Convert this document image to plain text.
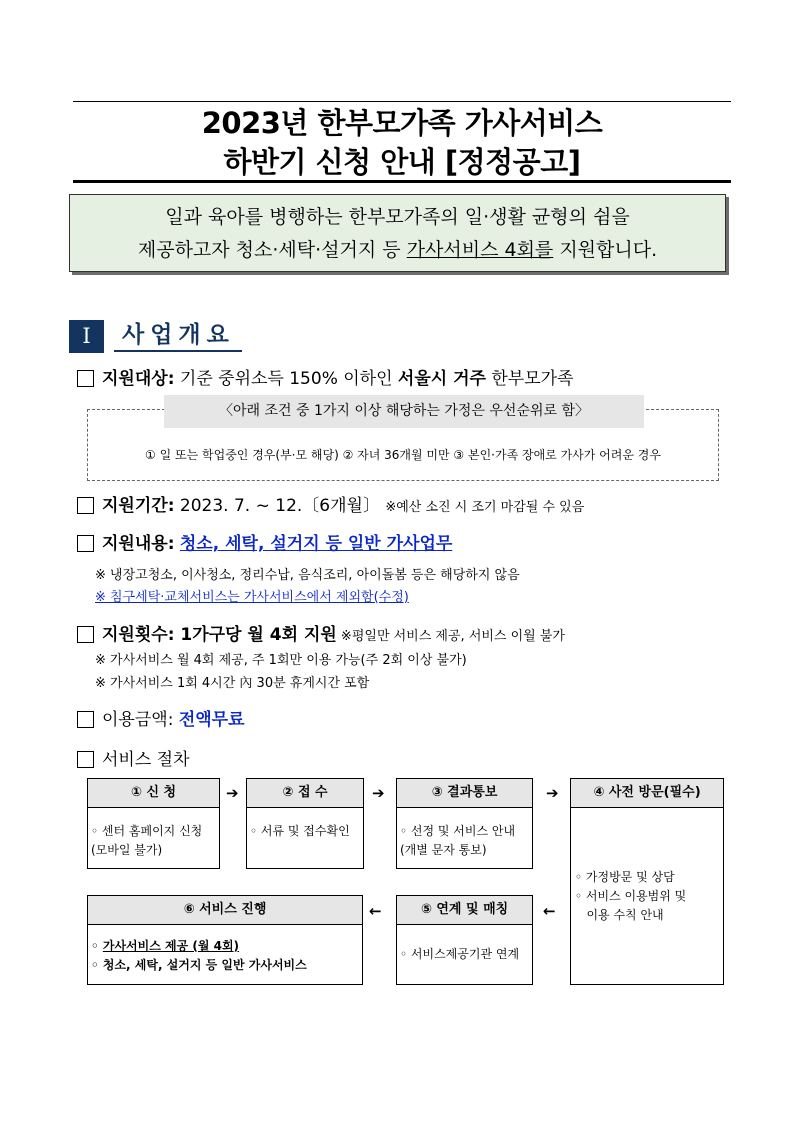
2023년 한부모가족 가사서비스
하반기 신청 안내 [정정공고]
일과 육아를 병행하는 한부모가족의 일·생활 균형의 쉼을
제공하고자 청소·세탁·설거지 등 가사서비스 4회를 지원합니다.
I	사업개요
지원대상: 기준 중위소득 150% 이하인 서울시 거주 한부모가족
〈아래 조건 중 1가지 이상 해당하는 가정은 우선순위로 함〉
① 일 또는 학업중인 경우(부·모 해당) ② 자녀 36개월 미만 ③ 본인·가족 장애로 가사가 어려운 경우
지원기간: 2023. 7. ~ 12.〔6개월〕 ※예산 소진 시 조기 마감될 수 있음
지원내용: 청소, 세탁, 설거지 등 일반 가사업무
※ 냉장고청소, 이사청소, 정리수납, 음식조리, 아이돌봄 등은 해당하지 않음
※ 침구세탁·교체서비스는 가사서비스에서 제외함(수정)
지원횟수: 1가구당 월 4회 지원 ※평일만 서비스 제공, 서비스 이월 불가
※ 가사서비스 월 4회 제공, 주 1회만 이용 가능(주 2회 이상 불가)
※ 가사서비스 1회 4시간 內 30분 휴게시간 포함
이용금액: 전액무료
서비스 절차
① 신 청
◦ 센터 홈페이지 신청
(모바일 불가)
➔	② 접 수
◦ 서류 및 접수확인
➔	③ 결과통보
◦ 선정 및 서비스 안내
(개별 문자 통보)
➔	④ 사전 방문(필수)
◦ 가정방문 및 상담
◦ 서비스 이용범위 및
이용 수칙 안내
←
⑤ 연계 및 매칭
◦ 서비스제공기관 연계
←
⑥ 서비스 진행
◦ 가사서비스 제공 (월 4회)
◦ 청소, 세탁, 설거지 등 일반 가사서비스
